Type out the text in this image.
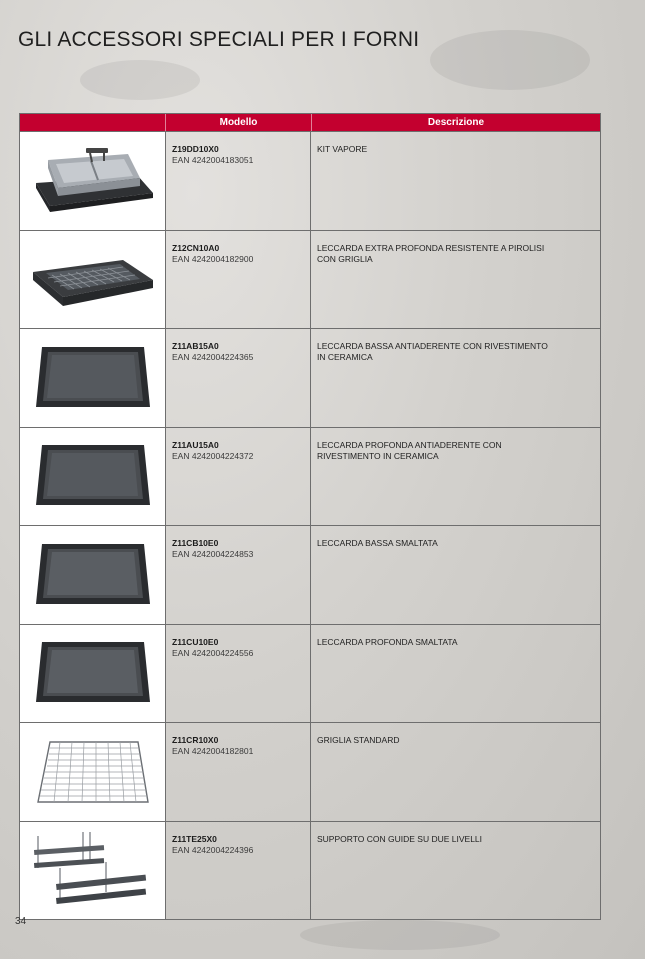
GLI ACCESSORI SPECIALI PER I FORNI
Modello	Descrizione
Z19DD10X0
EAN 4242004183051
KIT VAPORE
Z12CN10A0
EAN 4242004182900
LECCARDA EXTRA PROFONDA RESISTENTE A PIROLISI CON GRIGLIA
Z11AB15A0
EAN 4242004224365
LECCARDA BASSA ANTIADERENTE CON RIVESTIMENTO IN CERAMICA
Z11AU15A0
EAN 4242004224372
LECCARDA PROFONDA ANTIADERENTE CON RIVESTIMENTO IN CERAMICA
Z11CB10E0
EAN 4242004224853
LECCARDA BASSA SMALTATA
Z11CU10E0
EAN 4242004224556
LECCARDA PROFONDA SMALTATA
Z11CR10X0
EAN 4242004182801
GRIGLIA STANDARD
Z11TE25X0
EAN 4242004224396
SUPPORTO CON GUIDE SU DUE LIVELLI
34
